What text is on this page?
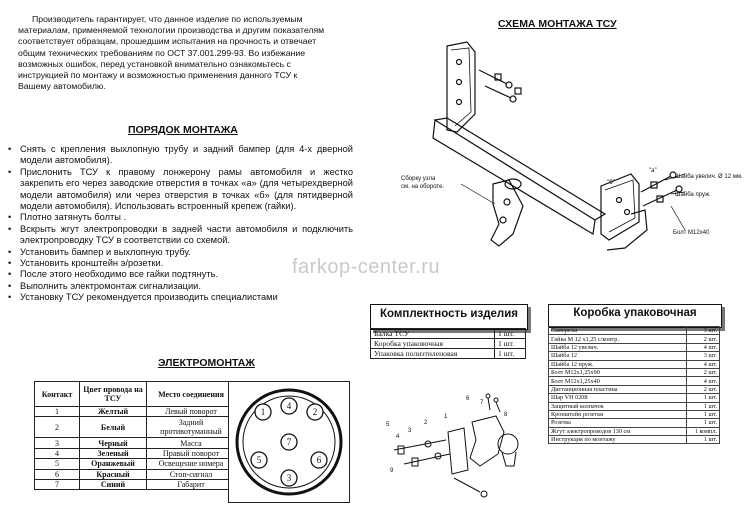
Производитель гарантирует, что данное изделие по используемым
материалам, применяемой технологии производства и другим показателям
соответствует образцам, прошедшим испытания на прочность и отвечает
общим технических требованиям по ОСТ 37.001.299-93. Во избежание
возможных ошибок, перед установкой внимательно ознакомьтесь с
инструкцией по монтажу и возможностью применения данного ТСУ к
Вашему автомобилю.
ПОРЯДОК МОНТАЖА
• Снять с крепления выхлопную трубу и задний бампер (для 4-х дверной модели автомобиля).
• Прислонить ТСУ к правому лонжерону рамы автомобиля и жестко закрепить его через заводские отверстия в точках «а» (для четырехдверной модели автомобиля) или через отверстия в точках «б» (для пятидверной модели автомобиля). Использовать встроенный крепеж (гайки).
• Плотно затянуть болты .
• Вскрыть жгут электропроводки в задней части автомобиля и подключить электропроводку ТСУ в соответствии со схемой.
• Установить бампер и выхлопную трубу.
• Установить кронштейн э/розетки.
• После этого необходимо все гайки подтянуть.
• Выполнить электромонтаж сигнализации.
• Установку ТСУ рекомендуется производить специалистами
farkop-center.ru
СХЕМА МОНТАЖА ТСУ
Сборку узла
см. на обороте.
Шайба увелич. Ø 12 мм.
Шайба пруж.
Болт М12х40
"б"
"а"
ЭЛЕКТРОМОНТАЖ
Контакт	Цвет провода на ТСУ	Место соединения
1	Желтый	Левый поворот
2	Белый	Задний противотуманный
3	Черный	Масса
4	Зеленый	Правый поворот
5	Оранжевый	Освещение номера
6	Красный	Стоп-сигнал
7	Синий	Габарит
1
4
2
7
5	6
3
Комплектность изделия
Балка ТСУ	1 шт.
Коробка упаковочная	1 шт.
Упаковка полиэтиленовая	1 шт.
5
4
3
2
1
6
7
8
9
Коробка упаковочная
Саморезы	3 шт.
Гайка М 12 х1,25 с/контр.	2 шт.
Шайба 12 увелич.	4 шт.
Шайба 12	3 шт.
Шайба 12 пруж.	4 шт.
Болт М12х1,25х90	2 шт.
Болт М12х1,25х40	4 шт.
Дистанционная пластина	2 шт.
Шар VH 0208	1 шт.
Защитный колпачок	1 шт.
Кронштейн розетки	1 шт.
Розетка	1 шт.
Жгут электропроводов 130 см	1 компл.
Инструкция по монтажу	1 шт.
